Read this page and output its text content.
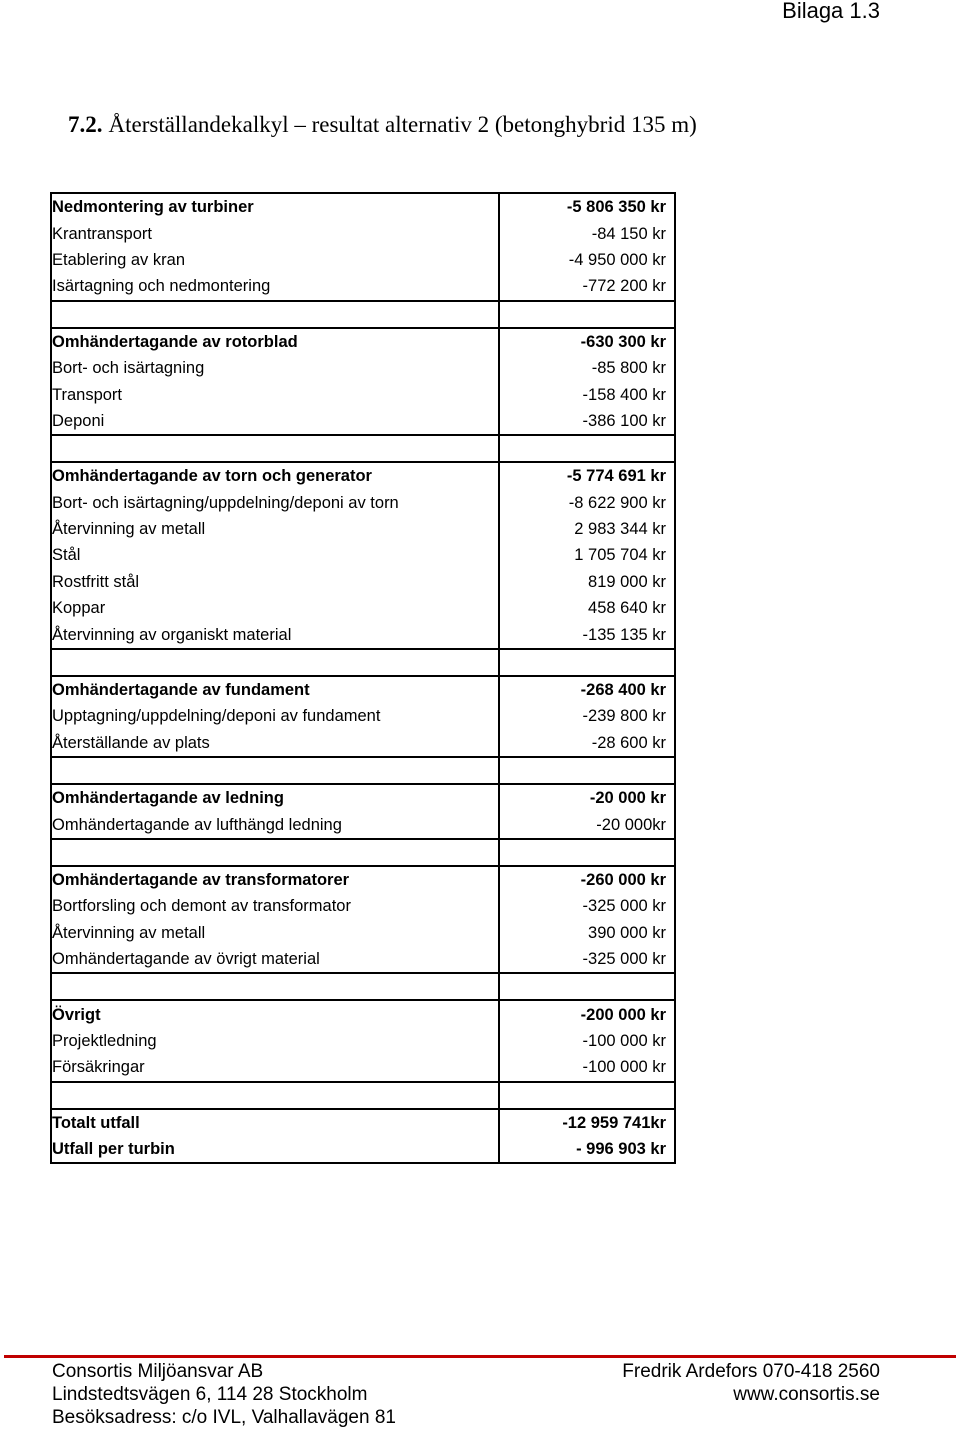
Bilaga 1.3
7.2. Återställandekalkyl – resultat alternativ 2 (betonghybrid 135 m)
Nedmontering av turbiner	-5 806 350 kr
Krantransport	-84 150 kr
Etablering av kran	-4 950 000 kr
Isärtagning och nedmontering	-772 200 kr

Omhändertagande av rotorblad	-630 300 kr
Bort- och isärtagning	-85 800 kr
Transport	-158 400 kr
Deponi	-386 100 kr

Omhändertagande av torn och generator	-5 774 691 kr
Bort- och isärtagning/uppdelning/deponi av torn	-8 622 900 kr
Återvinning av metall	2 983 344 kr
Stål	1 705 704 kr
Rostfritt stål	819 000 kr
Koppar	458 640 kr
Återvinning av organiskt material	-135 135 kr

Omhändertagande av fundament	-268 400 kr
Upptagning/uppdelning/deponi av fundament	-239 800 kr
Återställande av plats	-28 600 kr

Omhändertagande av ledning	-20 000 kr
Omhändertagande av lufthängd ledning	-20 000kr

Omhändertagande av transformatorer	-260 000 kr
Bortforsling och demont av transformator	-325 000 kr
Återvinning av metall	390 000 kr
Omhändertagande av övrigt material	-325 000 kr

Övrigt	-200 000 kr
Projektledning	-100 000 kr
Försäkringar	-100 000 kr

Totalt utfall	-12 959 741kr
Utfall per turbin	- 996 903 kr
Consortis Miljöansvar AB
Lindstedtsvägen 6, 114 28 Stockholm
Besöksadress: c/o IVL, Valhallavägen 81
Fredrik Ardefors 070-418 2560
www.consortis.se
